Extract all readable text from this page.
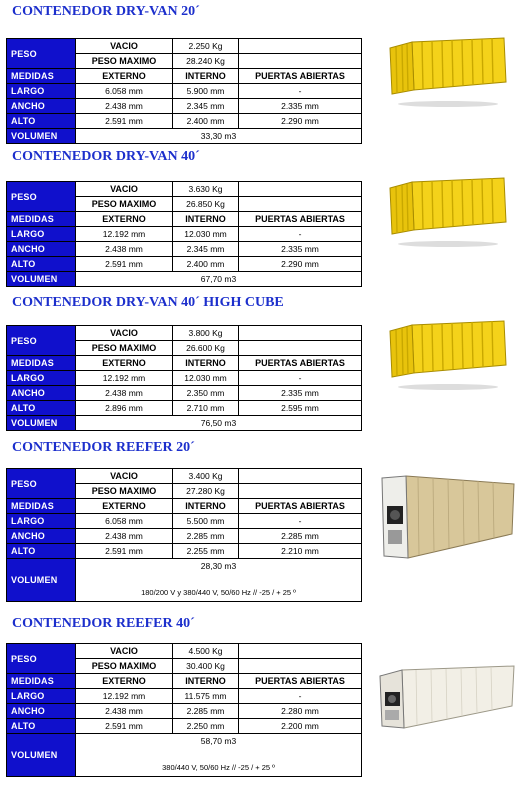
CONTENEDOR DRY-VAN 20´
PESO	VACIO	2.250 Kg	
	PESO MAXIMO	28.240 Kg	
MEDIDAS	EXTERNO	INTERNO	PUERTAS ABIERTAS
LARGO	6.058 mm	5.900 mm	-
ANCHO	2.438 mm	2.345 mm	2.335 mm
ALTO	2.591 mm	2.400 mm	2.290 mm
VOLUMEN	33,30 m3		
CONTENEDOR DRY-VAN 40´
PESO	VACIO	3.630 Kg	
	PESO MAXIMO	26.850 Kg	
MEDIDAS	EXTERNO	INTERNO	PUERTAS ABIERTAS
LARGO	12.192 mm	12.030 mm	-
ANCHO	2.438 mm	2.345 mm	2.335 mm
ALTO	2.591 mm	2.400 mm	2.290 mm
VOLUMEN	67,70 m3		
CONTENEDOR DRY-VAN 40´ HIGH CUBE
PESO	VACIO	3.800 Kg	
	PESO MAXIMO	26.600 Kg	
MEDIDAS	EXTERNO	INTERNO	PUERTAS ABIERTAS
LARGO	12.192 mm	12.030 mm	-
ANCHO	2.438 mm	2.350 mm	2.335 mm
ALTO	2.896 mm	2.710 mm	2.595 mm
VOLUMEN	76,50 m3		
CONTENEDOR REEFER 20´
PESO	VACIO	3.400 Kg	
	PESO MAXIMO	27.280 Kg	
MEDIDAS	EXTERNO	INTERNO	PUERTAS ABIERTAS
LARGO	6.058 mm	5.500 mm	-
ANCHO	2.438 mm	2.285 mm	2.285 mm
ALTO	2.591 mm	2.255 mm	2.210 mm
VOLUMEN	28,30 m3		
	180/200 V y 380/440 V, 50/60 Hz // -25 / + 25 º		
CONTENEDOR REEFER 40´
PESO	VACIO	4.500 Kg	
	PESO MAXIMO	30.400 Kg	
MEDIDAS	EXTERNO	INTERNO	PUERTAS ABIERTAS
LARGO	12.192 mm	11.575 mm	-
ANCHO	2.438 mm	2.285 mm	2.280 mm
ALTO	2.591 mm	2.250 mm	2.200 mm
VOLUMEN	58,70 m3		
	380/440 V, 50/60 Hz // -25 / + 25 º		
